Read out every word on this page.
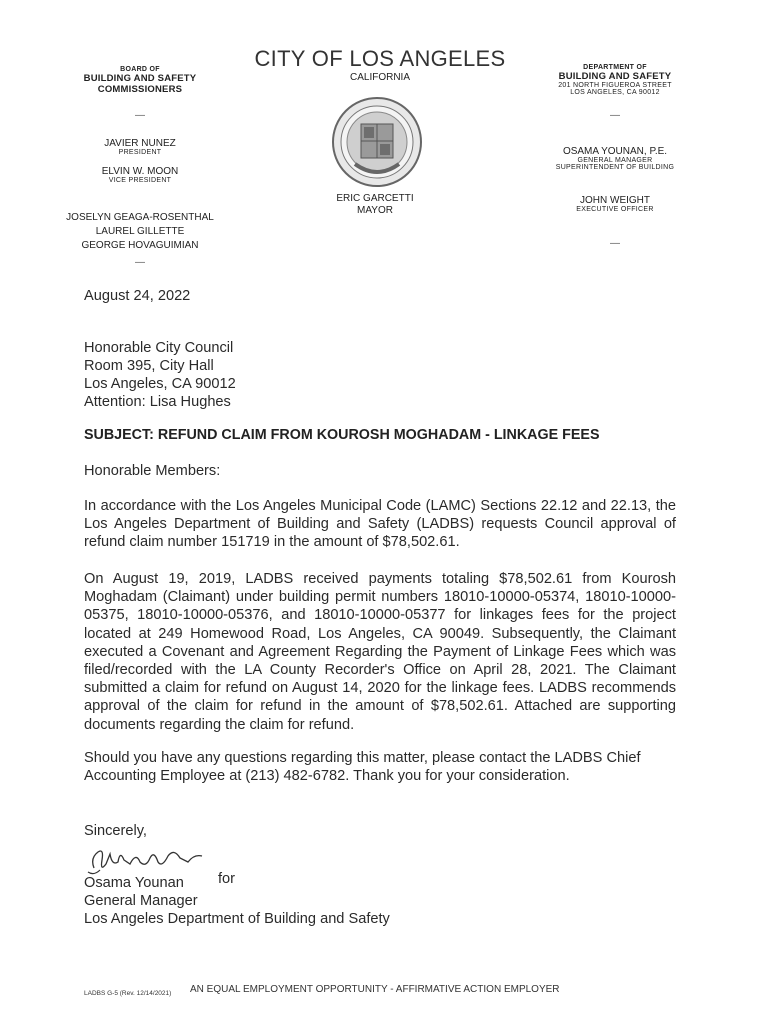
CITY OF LOS ANGELES
CALIFORNIA
ERIC GARCETTI
MAYOR
BOARD OF
BUILDING AND SAFETY
COMMISSIONERS
—
JAVIER NUNEZ
PRESIDENT
ELVIN W. MOON
VICE PRESIDENT
JOSELYN GEAGA-ROSENTHAL
LAUREL GILLETTE
GEORGE HOVAGUIMIAN
—
DEPARTMENT OF
BUILDING AND SAFETY
201 NORTH FIGUEROA STREET
LOS ANGELES, CA 90012
—
OSAMA YOUNAN, P.E.
GENERAL MANAGER
SUPERINTENDENT OF BUILDING
JOHN WEIGHT
EXECUTIVE OFFICER
—
August 24, 2022
Honorable City Council
Room 395, City Hall
Los Angeles, CA 90012
Attention: Lisa Hughes
SUBJECT: REFUND CLAIM FROM KOUROSH MOGHADAM - LINKAGE FEES
Honorable Members:
In accordance with the Los Angeles Municipal Code (LAMC) Sections 22.12 and 22.13, the Los Angeles Department of Building and Safety (LADBS) requests Council approval of refund claim number 151719 in the amount of $78,502.61.
On August 19, 2019, LADBS received payments totaling $78,502.61 from Kourosh Moghadam (Claimant) under building permit numbers 18010-10000-05374, 18010-10000-05375, 18010-10000-05376, and 18010-10000-05377 for linkages fees for the project located at 249 Homewood Road, Los Angeles, CA 90049. Subsequently, the Claimant executed a Covenant and Agreement Regarding the Payment of Linkage Fees which was filed/recorded with the LA County Recorder's Office on April 28, 2021. The Claimant submitted a claim for refund on August 14, 2020 for the linkage fees. LADBS recommends approval of the claim for refund in the amount of $78,502.61. Attached are supporting documents regarding the claim for refund.
Should you have any questions regarding this matter, please contact the LADBS Chief Accounting Employee at (213) 482-6782. Thank you for your consideration.
Sincerely,
Osama Younan for
General Manager
Los Angeles Department of Building and Safety
LADBS G-5 (Rev. 12/14/2021) AN EQUAL EMPLOYMENT OPPORTUNITY - AFFIRMATIVE ACTION EMPLOYER
